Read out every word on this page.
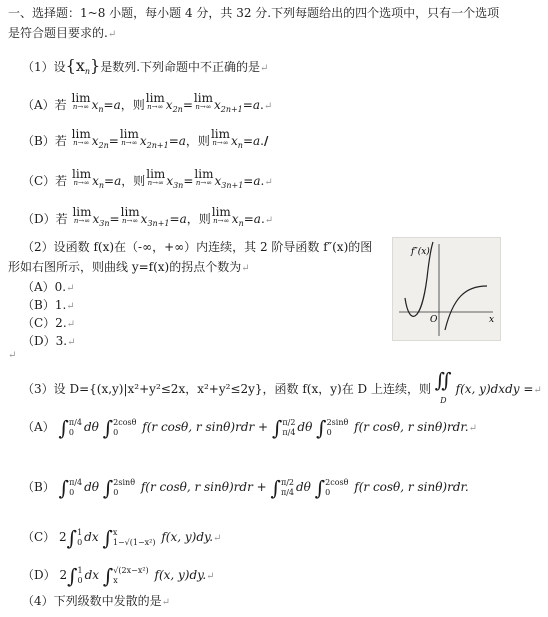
一、选择题：1~8 小题，每小题 4 分，共 32 分.下列每题给出的四个选项中，只有一个选项
是符合题目要求的.↵
（1）设$\{x_n\}$是数列.下列命题中不正确的是↵
（A）若 lim
n→∞ $x_n=a$，则 lim
n→∞ $x_{2n}= \lim$
n→∞ $x_{2n+1}=a.↵$
（B）若 lim
n→∞ $x_{2n}= \lim$
n→∞ $x_{2n+1}=a$，则 lim
n→∞ $x_n=a./$
（C）若 lim
n→∞ $x_n=a$，则 lim
n→∞ $x_{3n}= \lim$
n→∞ $x_{3n+1}=a.↵$
（D）若 lim
n→∞ $x_{3n}= \lim$
n→∞ $x_{3n+1}=a$，则 lim
n→∞ $x_n=a.↵$
（2）设函数 f(x)在（-∞，+∞）内连续，其 2 阶导函数 f″(x)的图
形如右图所示，则曲线 y=f(x)的拐点个数为↵
（A）0.↵
（B）1.↵
（C）2.↵
（D）3.↵
↵
f″(x)
O	x
（3）设 D={(x,y)|x²+y²≤2x，x²+y²≤2y}，函数 f(x，y)在 D 上连续，则 ∬
D f(x, y)dxdy =↵
（A） ∫π/4
0 dθ ∫2cosθ
0 f(r cosθ, r sinθ)rdr + ∫π/2
π/4 dθ ∫2sinθ
0 f(r cosθ, r sinθ)rdr.↵
（B） ∫π/4
0 dθ ∫2sinθ
0 f(r cosθ, r sinθ)rdr + ∫π/2
π/4 dθ ∫2cosθ
0 f(r cosθ, r sinθ)rdr.
（C） 2∫1
0 dx ∫x
1−√(1−x²) f(x, y)dy.↵
（D） 2∫1
0 dx ∫√(2x−x²)
x	f(x, y)dy.↵
（4）下列级数中发散的是↵
